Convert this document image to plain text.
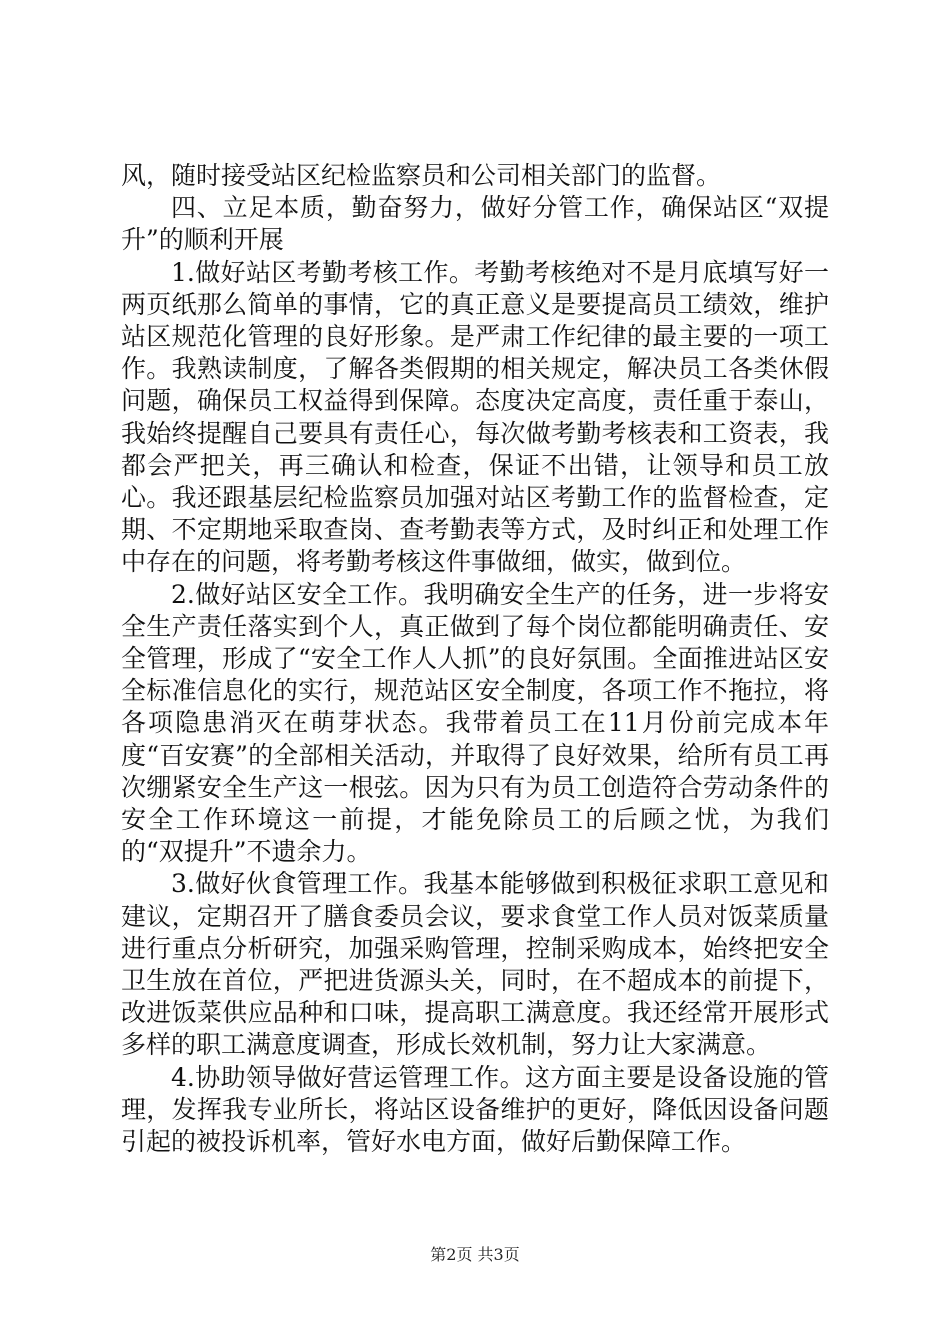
风，随时接受站区纪检监察员和公司相关部门的监督。

四、立足本质，勤奋努力，做好分管工作，确保站区“双提升”的顺利开展

1.做好站区考勤考核工作。考勤考核绝对不是月底填写好一两页纸那么简单的事情，它的真正意义是要提高员工绩效，维护站区规范化管理的良好形象。是严肃工作纪律的最主要的一项工作。我熟读制度，了解各类假期的相关规定，解决员工各类休假问题，确保员工权益得到保障。态度决定高度，责任重于泰山，我始终提醒自己要具有责任心，每次做考勤考核表和工资表，我都会严把关，再三确认和检查，保证不出错，让领导和员工放心。我还跟基层纪检监察员加强对站区考勤工作的监督检查，定期、不定期地采取查岗、查考勤表等方式，及时纠正和处理工作中存在的问题，将考勤考核这件事做细，做实，做到位。

2.做好站区安全工作。我明确安全生产的任务，进一步将安全生产责任落实到个人，真正做到了每个岗位都能明确责任、安全管理，形成了“安全工作人人抓”的良好氛围。全面推进站区安全标准信息化的实行，规范站区安全制度，各项工作不拖拉，将各项隐患消灭在萌芽状态。我带着员工在11月份前完成本年度“百安赛”的全部相关活动，并取得了良好效果，给所有员工再次绷紧安全生产这一根弦。因为只有为员工创造符合劳动条件的安全工作环境这一前提，才能免除员工的后顾之忧，为我们的“双提升”不遗余力。

3.做好伙食管理工作。我基本能够做到积极征求职工意见和建议，定期召开了膳食委员会议，要求食堂工作人员对饭菜质量进行重点分析研究，加强采购管理，控制采购成本，始终把安全卫生放在首位，严把进货源头关，同时，在不超成本的前提下，改进饭菜供应品种和口味，提高职工满意度。我还经常开展形式多样的职工满意度调查，形成长效机制，努力让大家满意。

4.协助领导做好营运管理工作。这方面主要是设备设施的管理，发挥我专业所长，将站区设备维护的更好，降低因设备问题引起的被投诉机率，管好水电方面，做好后勤保障工作。

第2页 共3页
